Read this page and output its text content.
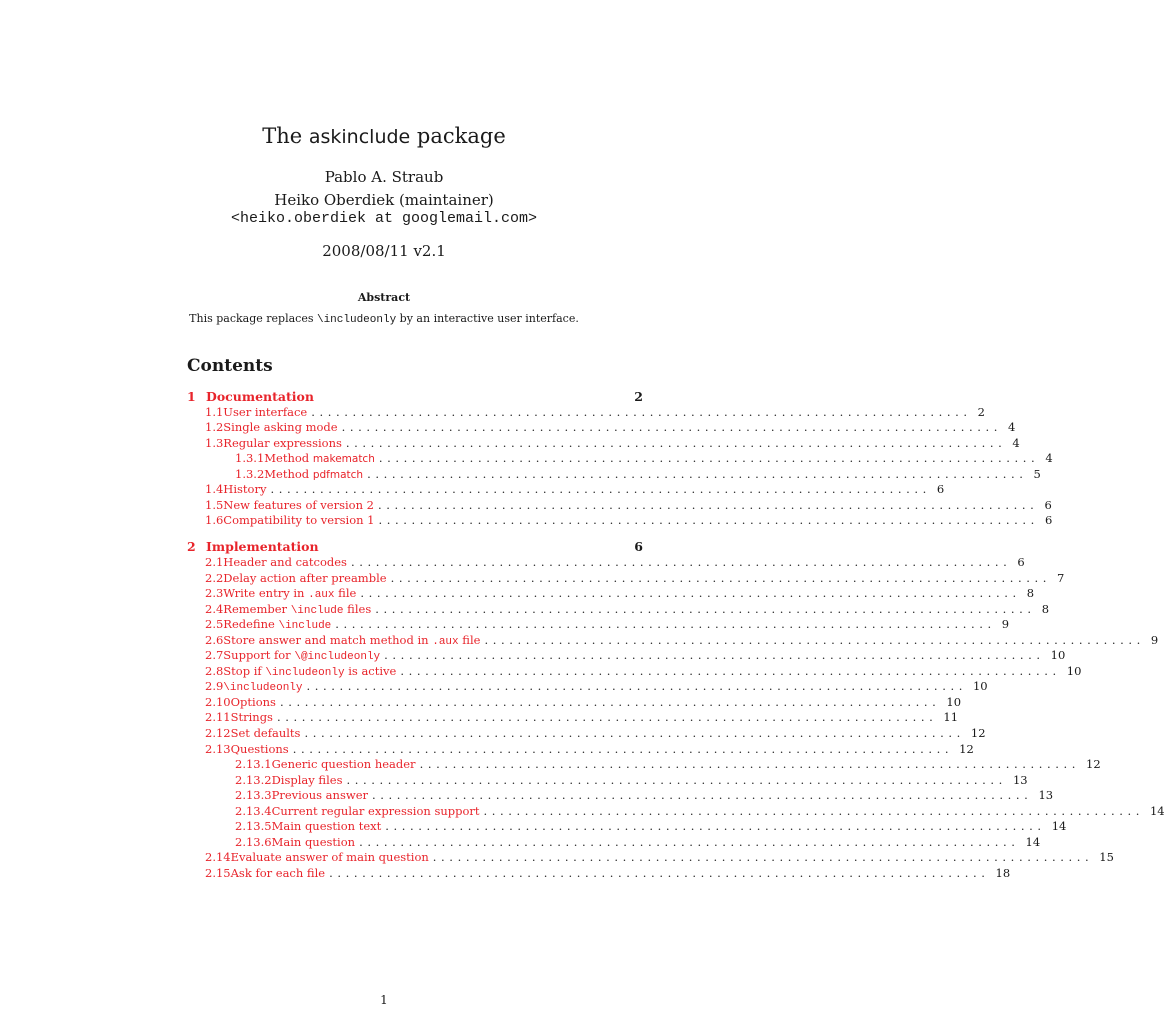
The askinclude package
Pablo A. Straub
Heiko Oberdiek (maintainer)
<heiko.oberdiek at googlemail.com>
2008/08/11 v2.1
Abstract
This package replaces \includeonly by an interactive user interface.
Contents
1 Documentation	2
1.1 User interface ................................................................................ 2
1.2 Single asking mode ................................................................................ 4
1.3 Regular expressions ................................................................................ 4
1.3.1 Method makematch ................................................................................ 4
1.3.2 Method pdfmatch ................................................................................ 5
1.4 History ................................................................................ 6
1.5 New features of version 2 ................................................................................ 6
1.6 Compatibility to version 1 ................................................................................ 6
2 Implementation	6
2.1 Header and catcodes ................................................................................ 6
2.2 Delay action after preamble ................................................................................ 7
2.3 Write entry in .aux file ................................................................................ 8
2.4 Remember \include files ................................................................................ 8
2.5 Redefine \include ................................................................................ 9
2.6 Store answer and match method in .aux file ................................................................................ 9
2.7 Support for \@includeonly ................................................................................ 10
2.8 Stop if \includeonly is active ................................................................................ 10
2.9 \includeonly ................................................................................ 10
2.10 Options ................................................................................ 10
2.11 Strings ................................................................................ 11
2.12 Set defaults ................................................................................ 12
2.13 Questions ................................................................................ 12
2.13.1 Generic question header ................................................................................ 12
2.13.2 Display files ................................................................................ 13
2.13.3 Previous answer ................................................................................ 13
2.13.4 Current regular expression support ................................................................................ 14
2.13.5 Main question text ................................................................................ 14
2.13.6 Main question ................................................................................ 14
2.14 Evaluate answer of main question ................................................................................ 15
2.15 Ask for each file ................................................................................ 18
1
